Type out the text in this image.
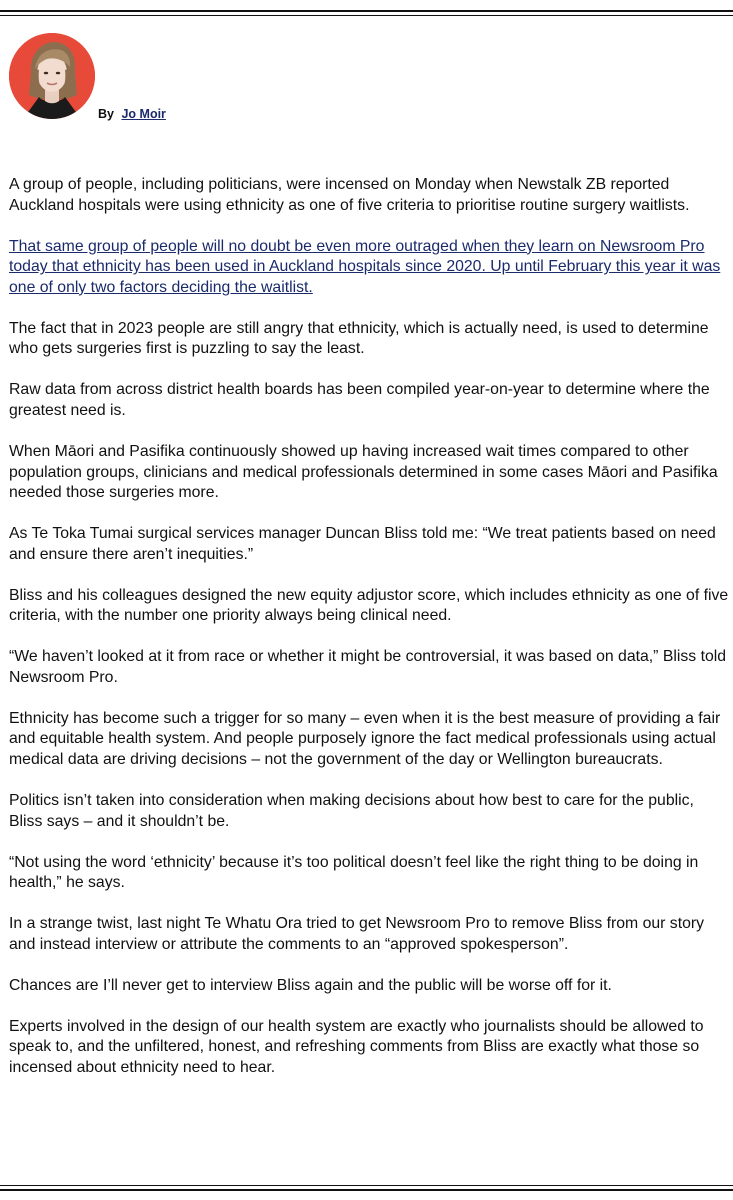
By Jo Moir

A group of people, including politicians, were incensed on Monday when Newstalk ZB reported Auckland hospitals were using ethnicity as one of five criteria to prioritise routine surgery waitlists.

That same group of people will no doubt be even more outraged when they learn on Newsroom Pro today that ethnicity has been used in Auckland hospitals since 2020. Up until February this year it was one of only two factors deciding the waitlist.

The fact that in 2023 people are still angry that ethnicity, which is actually need, is used to determine who gets surgeries first is puzzling to say the least.

Raw data from across district health boards has been compiled year-on-year to determine where the greatest need is.

When Māori and Pasifika continuously showed up having increased wait times compared to other population groups, clinicians and medical professionals determined in some cases Māori and Pasifika needed those surgeries more.

As Te Toka Tumai surgical services manager Duncan Bliss told me: “We treat patients based on need and ensure there aren’t inequities.”

Bliss and his colleagues designed the new equity adjustor score, which includes ethnicity as one of five criteria, with the number one priority always being clinical need.

“We haven’t looked at it from race or whether it might be controversial, it was based on data,” Bliss told Newsroom Pro.

Ethnicity has become such a trigger for so many – even when it is the best measure of providing a fair and equitable health system. And people purposely ignore the fact medical professionals using actual medical data are driving decisions – not the government of the day or Wellington bureaucrats.

Politics isn’t taken into consideration when making decisions about how best to care for the public, Bliss says – and it shouldn’t be.

“Not using the word ‘ethnicity’ because it’s too political doesn’t feel like the right thing to be doing in health,” he says.

In a strange twist, last night Te Whatu Ora tried to get Newsroom Pro to remove Bliss from our story and instead interview or attribute the comments to an “approved spokesperson”.

Chances are I’ll never get to interview Bliss again and the public will be worse off for it.

Experts involved in the design of our health system are exactly who journalists should be allowed to speak to, and the unfiltered, honest, and refreshing comments from Bliss are exactly what those so incensed about ethnicity need to hear.
